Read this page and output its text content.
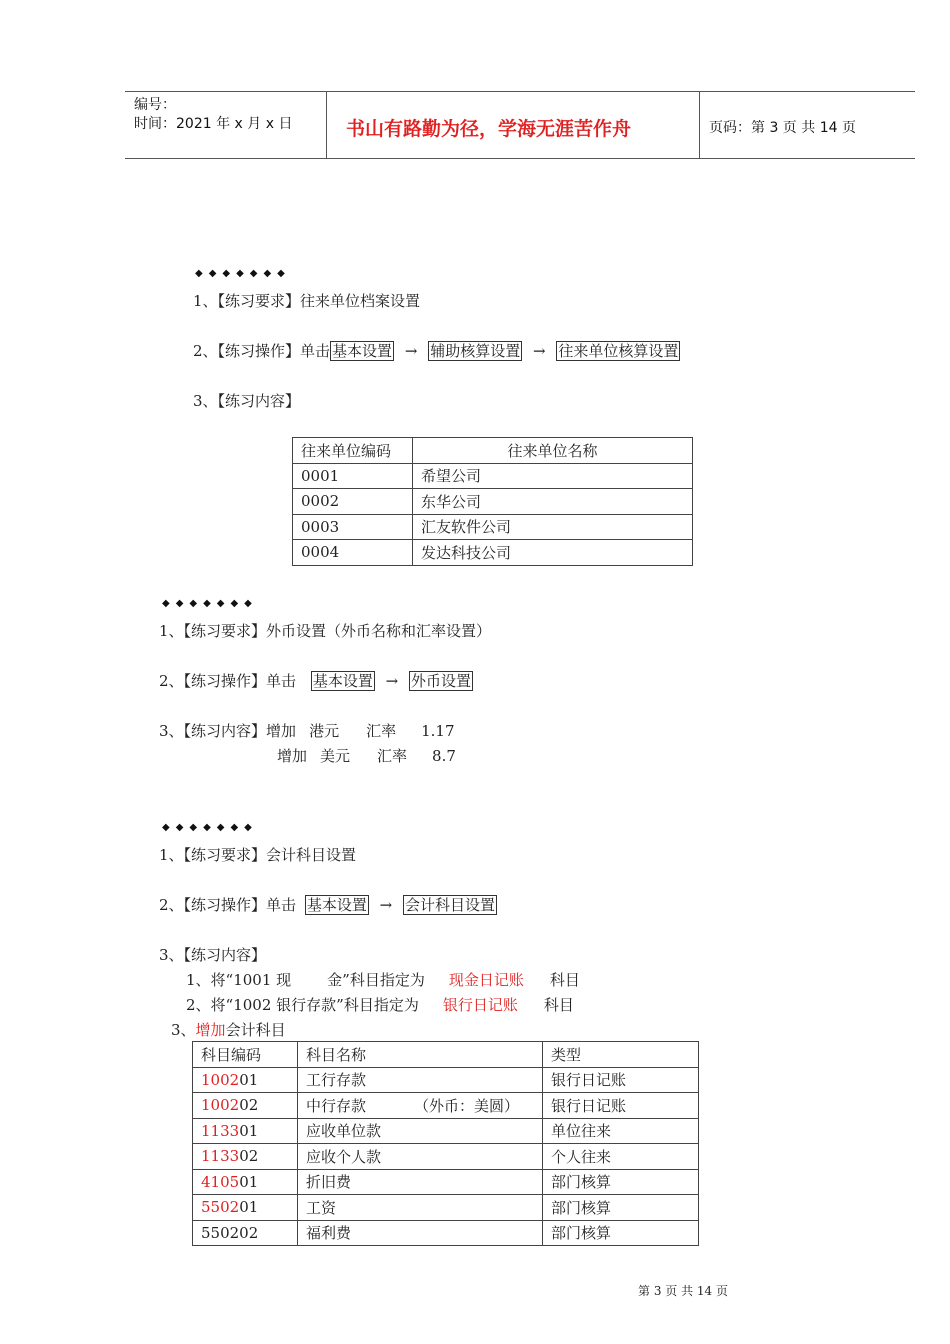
编号：
时间：2021 年 x 月 x 日	书山有路勤为径，学海无涯苦作舟	页码：第 3 页 共 14 页
◆◆◆◆◆◆◆
1、【练习要求】往来单位档案设置
2、【练习操作】单击 基本设置 → 辅助核算设置 → 往来单位核算设置
3、【练习内容】
往来单位编码	往来单位名称
0001	希望公司
0002	东华公司
0003	汇友软件公司
0004	发达科技公司
◆◆◆◆◆◆◆
1、【练习要求】外币设置（外币名称和汇率设置）
2、【练习操作】单击 基本设置 → 外币设置
3、【练习内容】增加 港元 汇率 1.17
增加 美元 汇率 8.7
◆◆◆◆◆◆◆
1、【练习要求】会计科目设置
2、【练习操作】单击 基本设置 → 会计科目设置
3、【练习内容】
1、将“1001 现 金”科目指定为 现金日记账 科目
2、将“1002 银行存款”科目指定为 银行日记账 科目
3、增加会计科目
科目编码	科目名称	类型
100201	工行存款	银行日记账
100202	中行存款 （外币：美圆）	银行日记账
113301	应收单位款	单位往来
113302	应收个人款	个人往来
410501	折旧费	部门核算
550201	工资	部门核算
550202	福利费	部门核算
第 3 页 共 14 页
